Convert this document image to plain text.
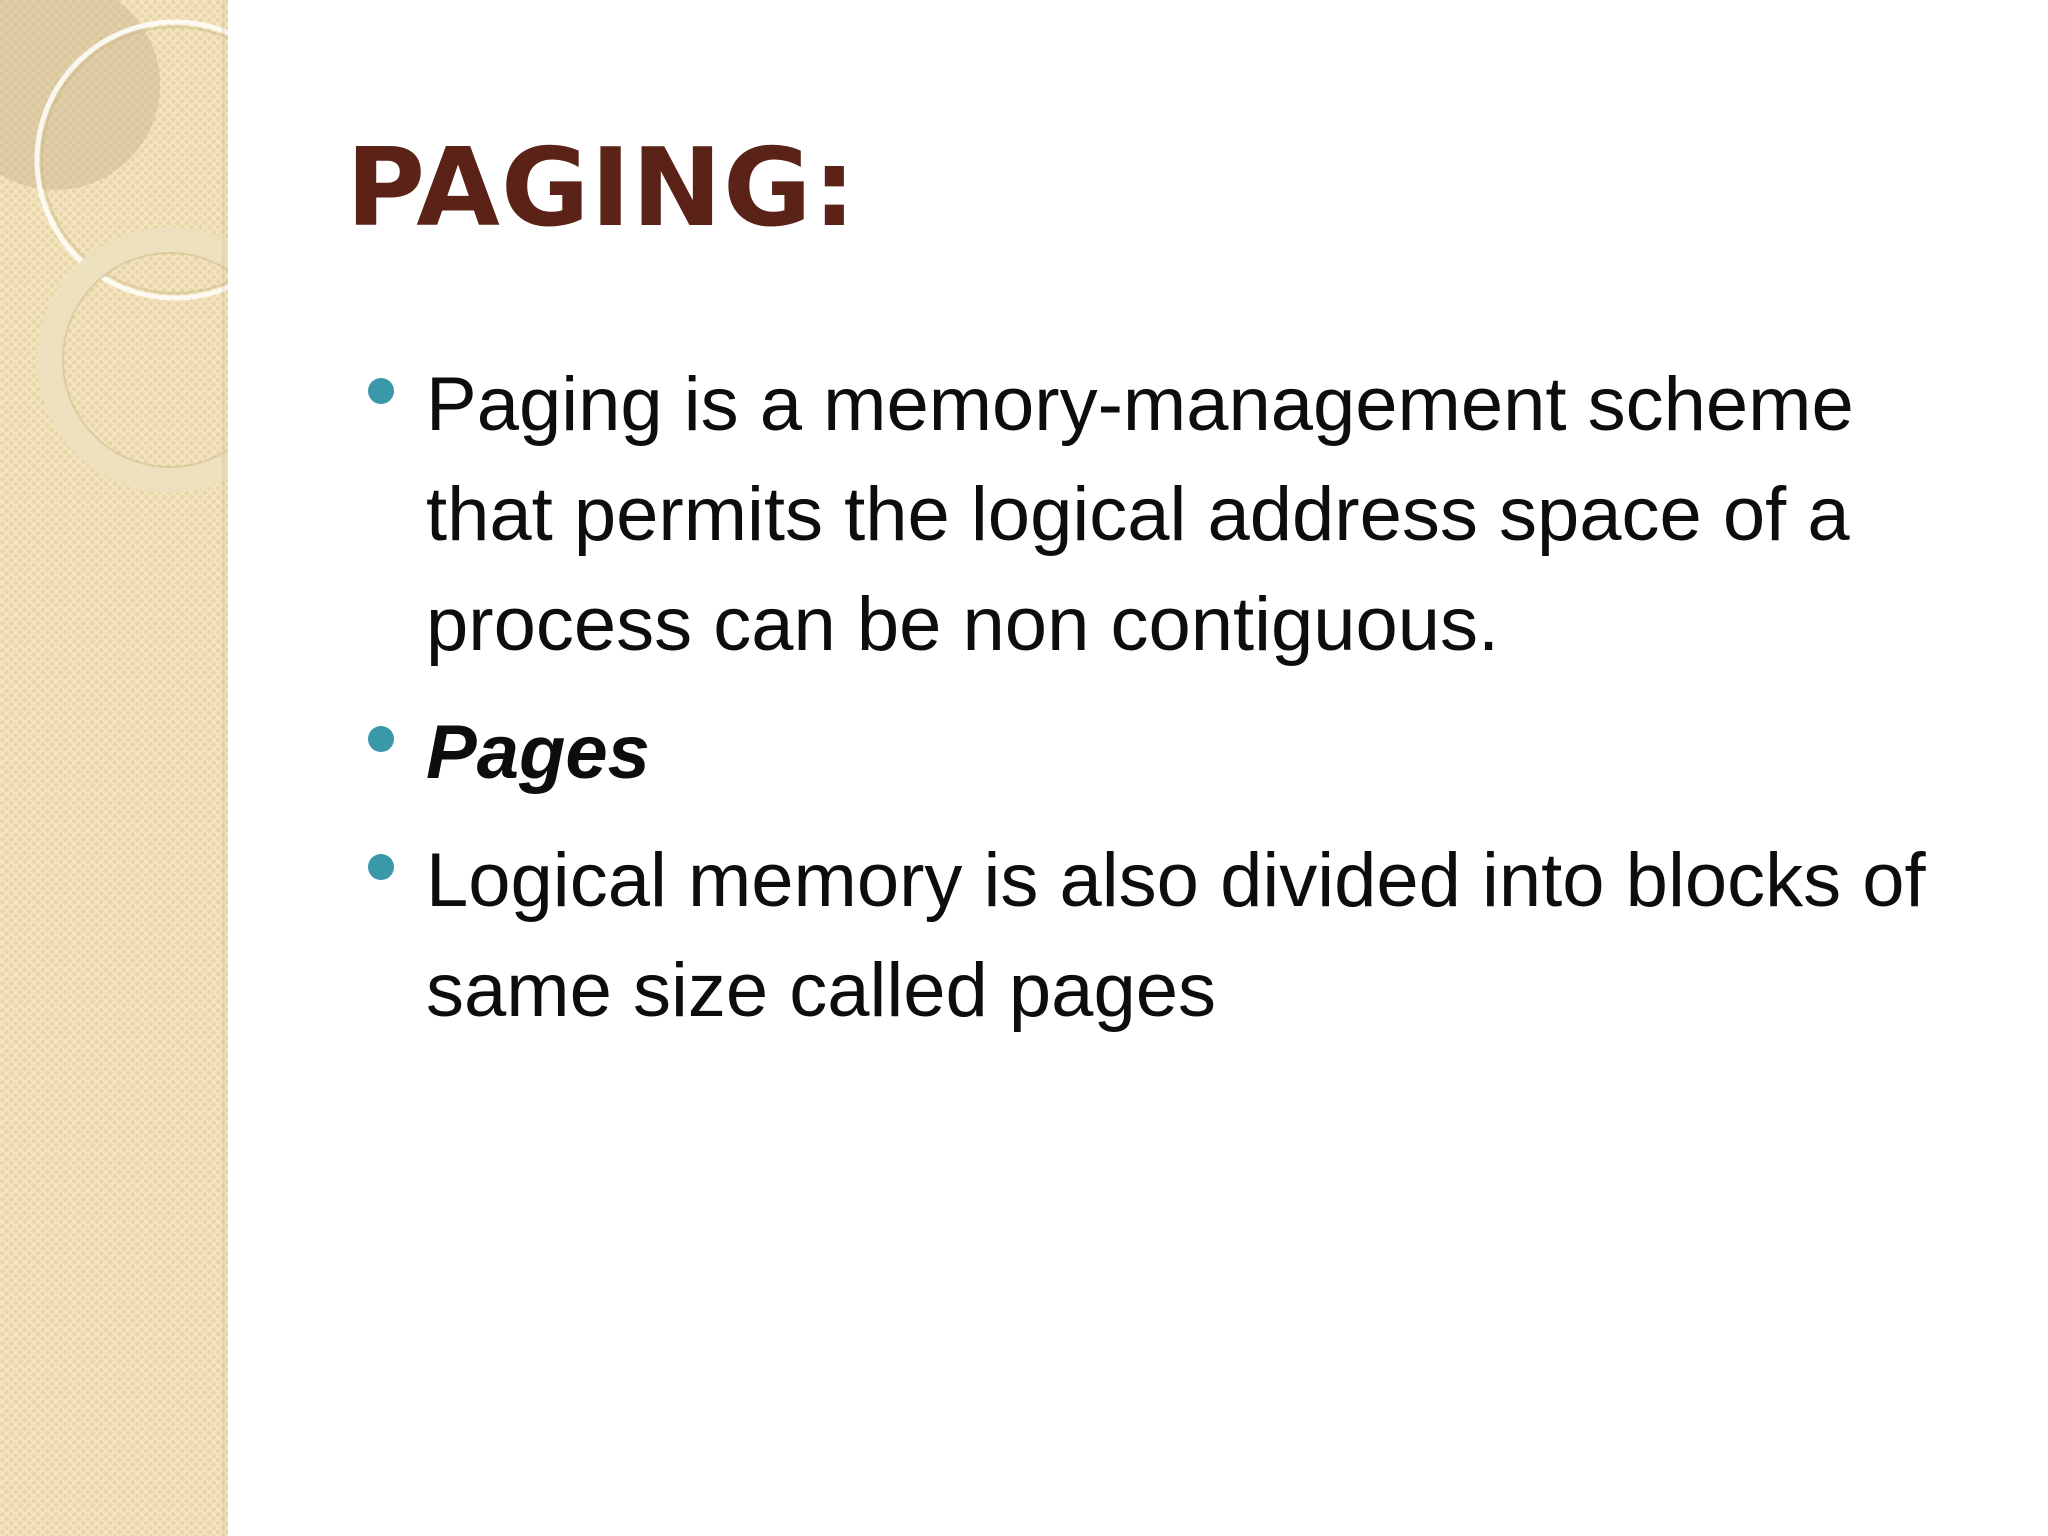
PAGING:
Paging is a memory-management scheme that permits the logical address space of a process can be non contiguous.
Pages
Logical memory is also divided into blocks of same size called pages
